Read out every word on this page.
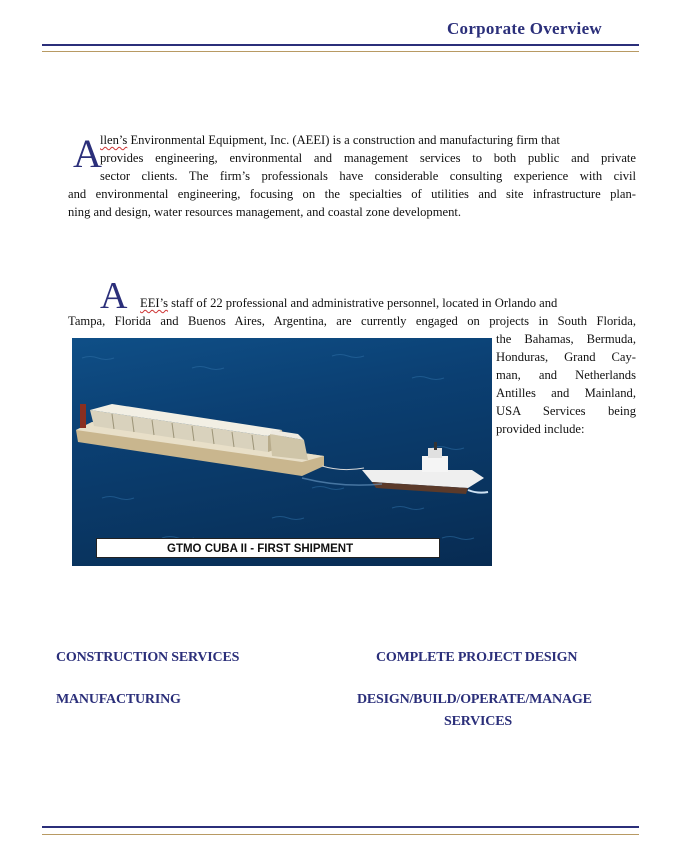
Corporate Overview
A
llen’s Environmental Equipment, Inc. (AEEI) is a construction and manufacturing firm that
provides engineering, environmental and management services to both public and private
sector clients. The firm’s professionals have considerable consulting experience with civil
and environmental engineering, focusing on the specialties of utilities and site infrastructure plan-
ning and design, water resources management, and coastal zone development.
A EEI’s staff of 22 professional and administrative personnel, located in Orlando and
Tampa, Florida and Buenos Aires, Argentina, are currently engaged on projects in South Florida,
the Bahamas, Bermuda,
Honduras, Grand Cay-
man, and Netherlands
Antilles and Mainland,
USA Services being
provided include:
GTMO CUBA II - FIRST SHIPMENT
CONSTRUCTION SERVICES	COMPLETE PROJECT DESIGN
MANUFACTURING	DESIGN/BUILD/OPERATE/MANAGE
SERVICES
